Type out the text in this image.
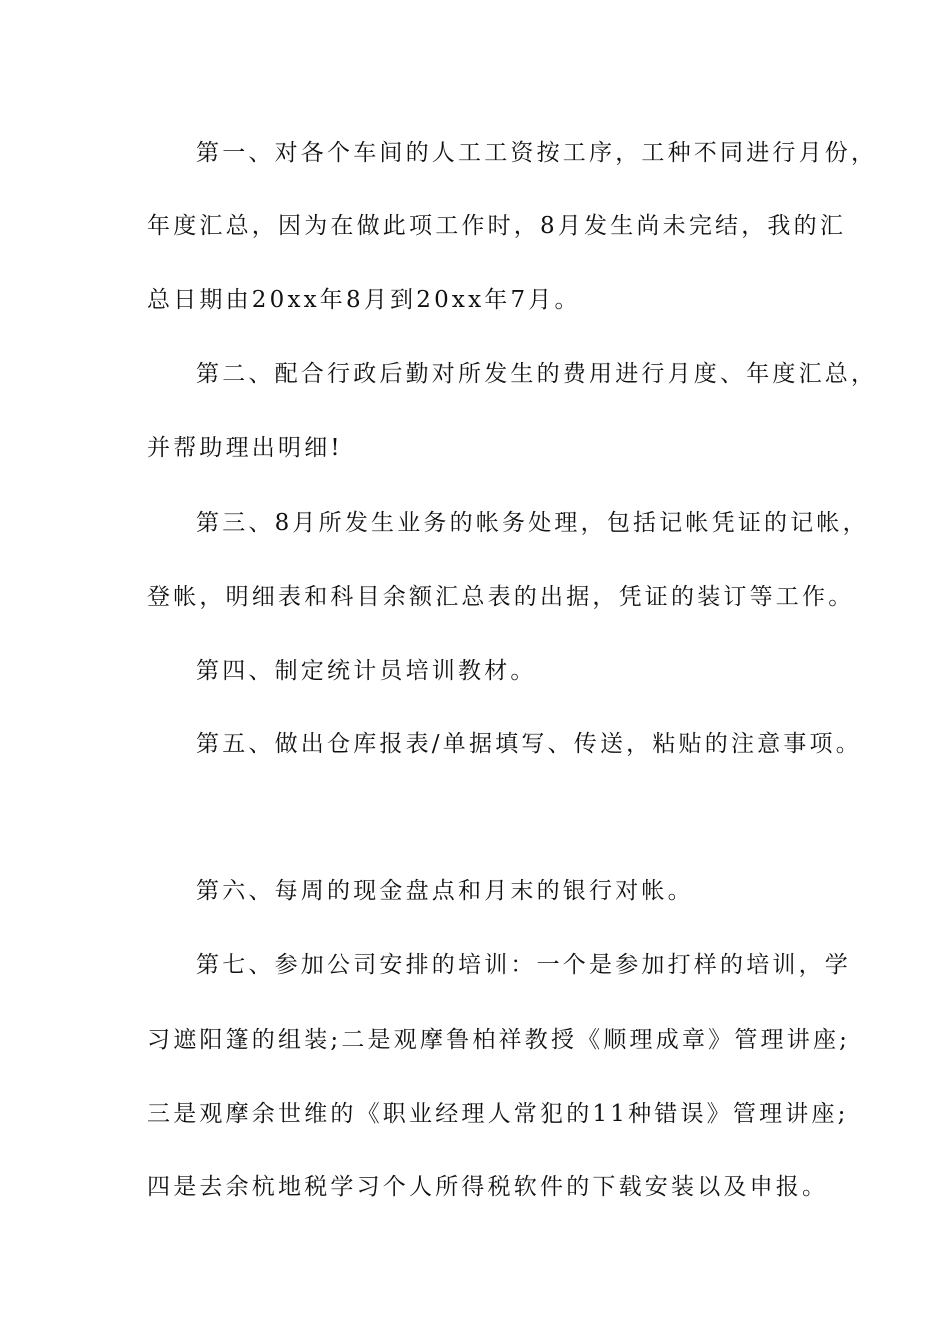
第一、对各个车间的人工工资按工序，工种不同进行月份，
年度汇总，因为在做此项工作时，8月发生尚未完结，我的汇
总日期由20xx年8月到20xx年7月。
第二、配合行政后勤对所发生的费用进行月度、年度汇总，
并帮助理出明细!
第三、8月所发生业务的帐务处理，包括记帐凭证的记帐，
登帐，明细表和科目余额汇总表的出据，凭证的装订等工作。
第四、制定统计员培训教材。
第五、做出仓库报表/单据填写、传送，粘贴的注意事项。
第六、每周的现金盘点和月末的银行对帐。
第七、参加公司安排的培训：一个是参加打样的培训，学
习遮阳篷的组装;二是观摩鲁柏祥教授《顺理成章》管理讲座;
三是观摩余世维的《职业经理人常犯的11种错误》管理讲座;
四是去余杭地税学习个人所得税软件的下载安装以及申报。
